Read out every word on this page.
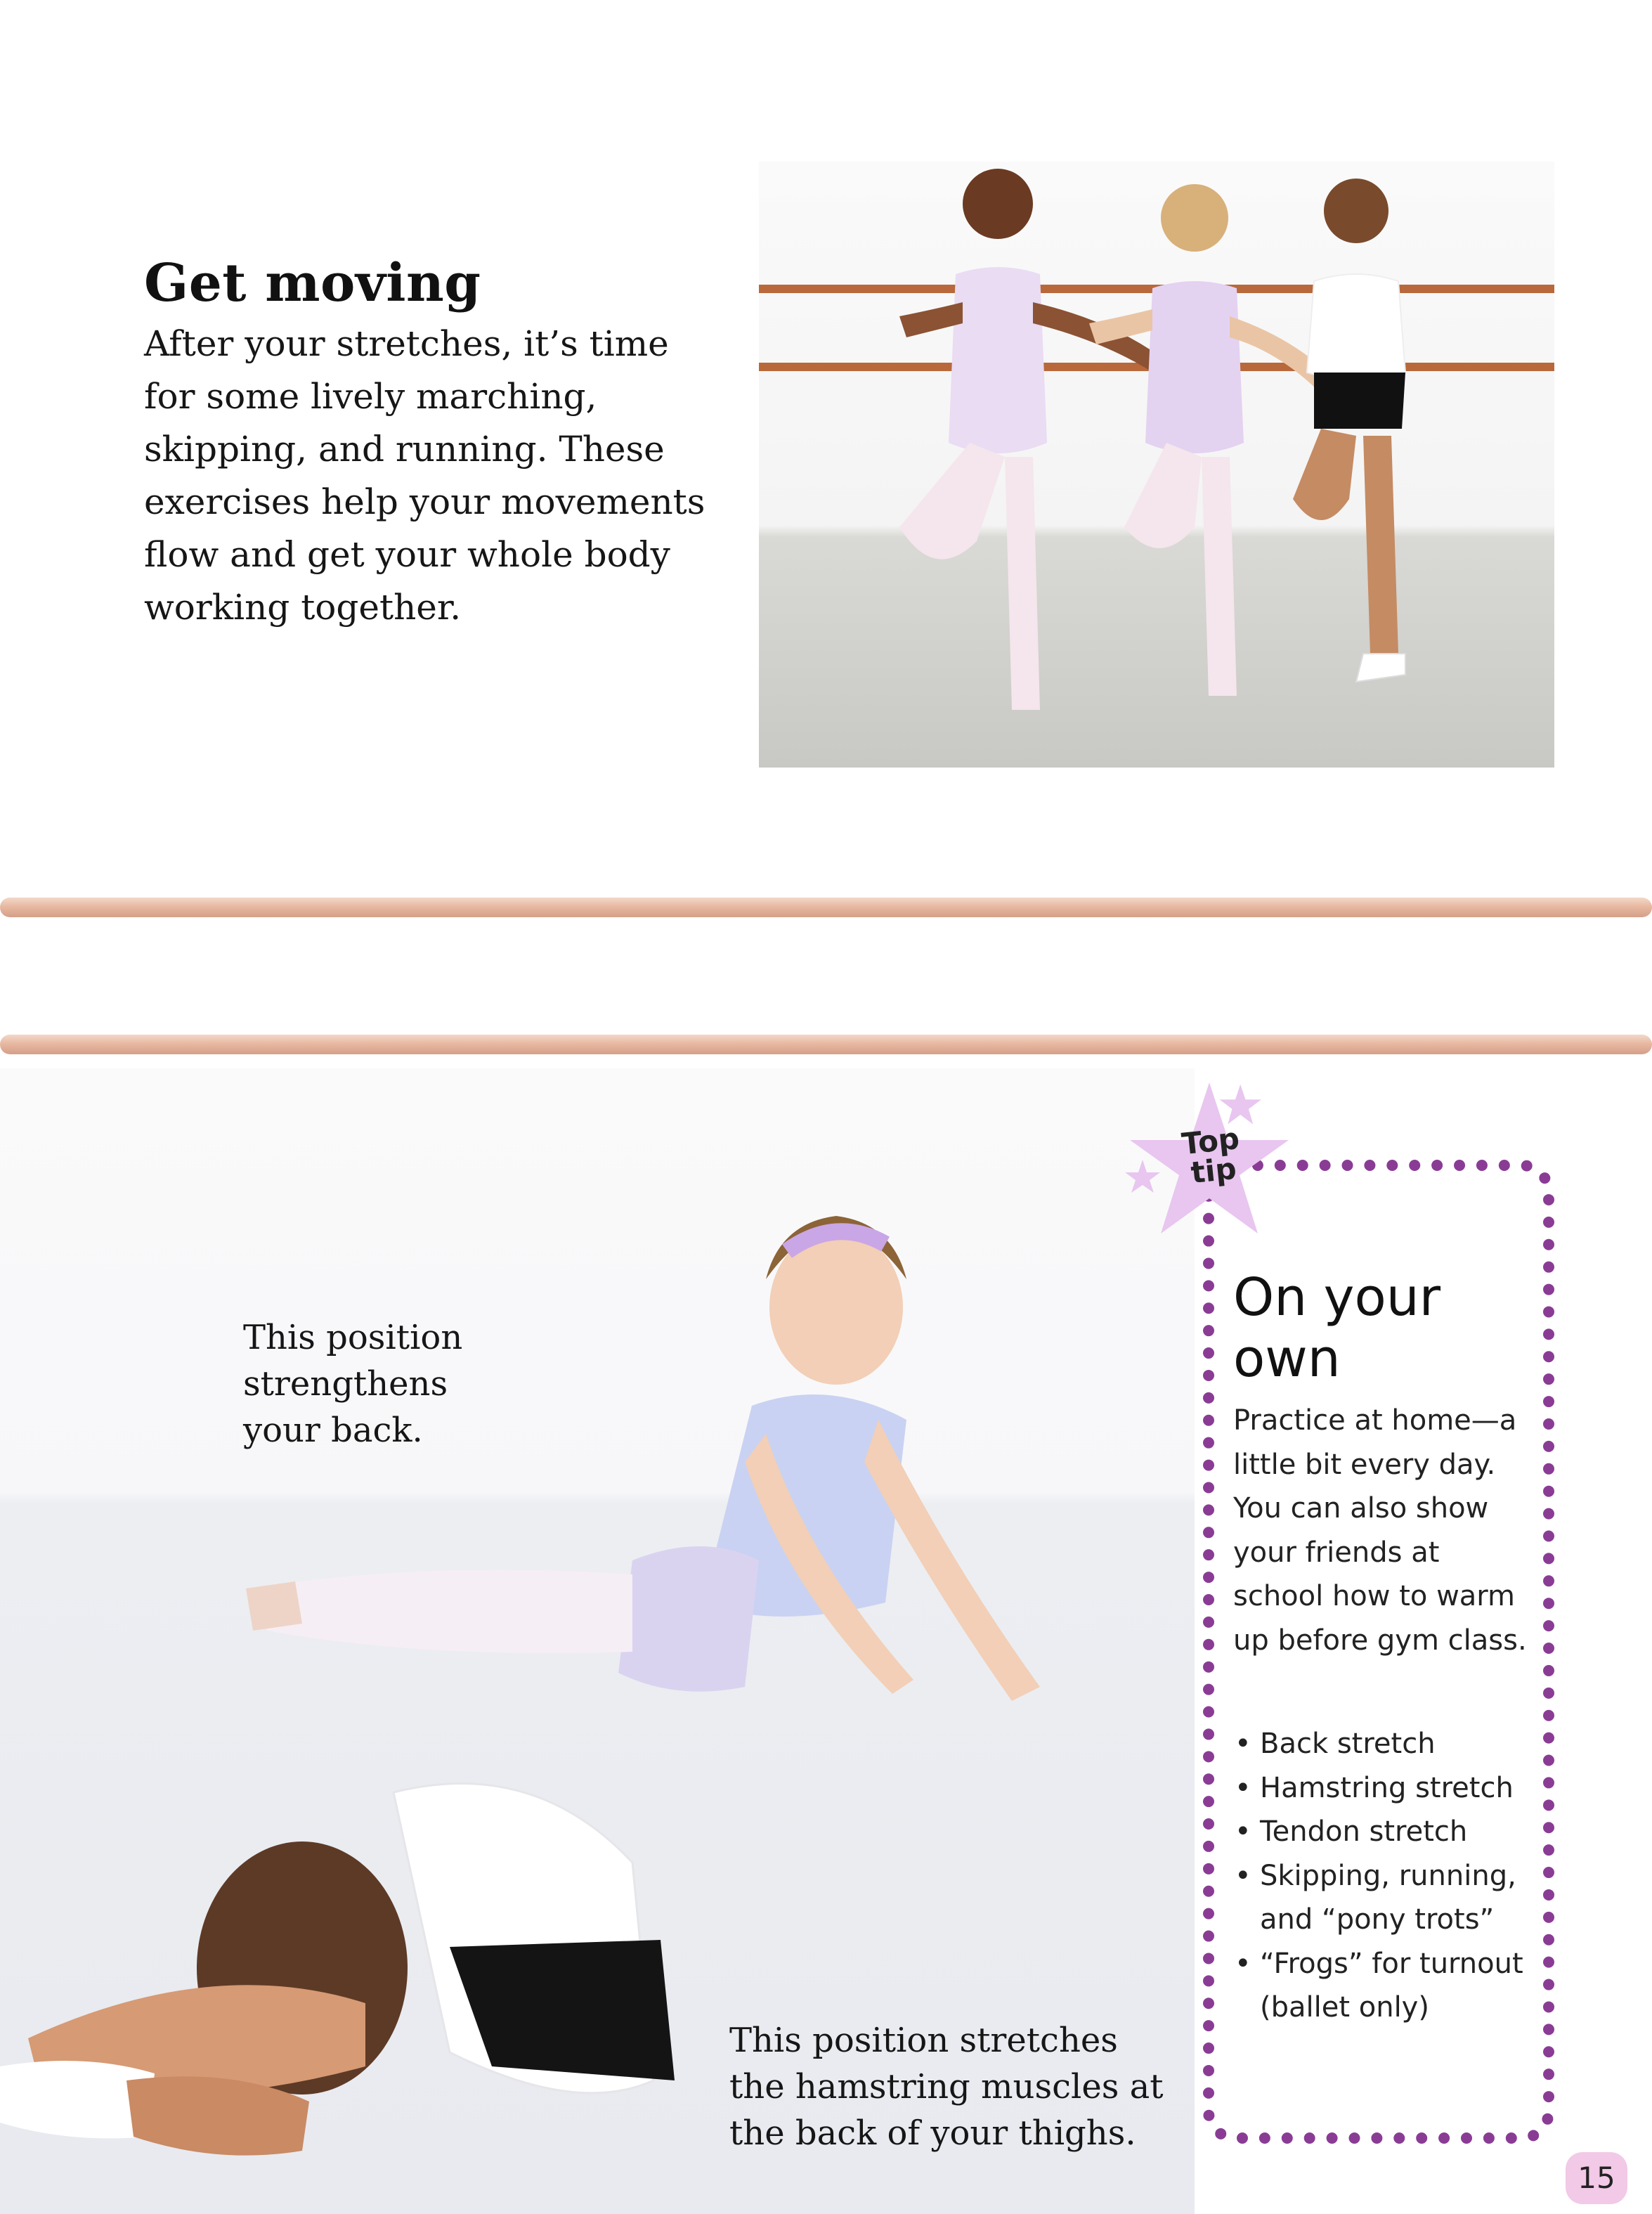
Get moving

After your stretches, it’s time for some lively marching, skipping, and running. These exercises help your movements flow and get your whole body working together.

This position strengthens your back.

This position stretches the hamstring muscles at the back of your thighs.

Top tip

On your own

Practice at home—a little bit every day. You can also show your friends at school how to warm up before gym class.

• Back stretch
• Hamstring stretch
• Tendon stretch
• Skipping, running, and “pony trots”
• “Frogs” for turnout (ballet only)
15
